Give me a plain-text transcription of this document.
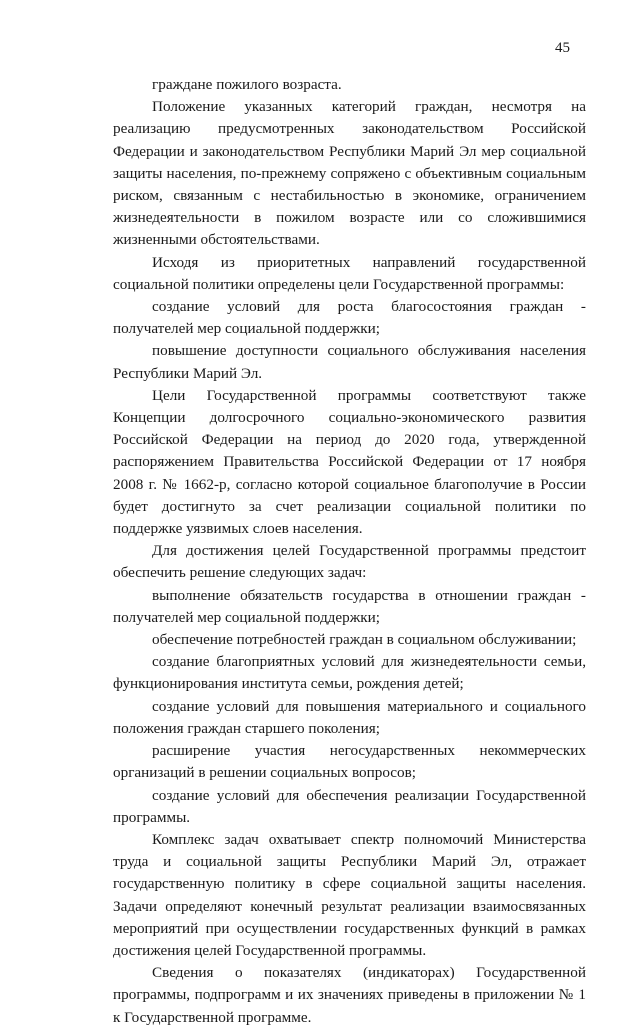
45

граждане пожилого возраста.

Положение указанных категорий граждан, несмотря на реализацию предусмотренных законодательством Российской Федерации и законодательством Республики Марий Эл мер социальной защиты населения, по-прежнему сопряжено с объективным социальным риском, связанным с нестабильностью в экономике, ограничением жизнедеятельности в пожилом возрасте или со сложившимися жизненными обстоятельствами.

Исходя из приоритетных направлений государственной социальной политики определены цели Государственной программы:

создание условий для роста благосостояния граждан - получателей мер социальной поддержки;

повышение доступности социального обслуживания населения Республики Марий Эл.

Цели Государственной программы соответствуют также Концепции долгосрочного социально-экономического развития Российской Федерации на период до 2020 года, утвержденной распоряжением Правительства Российской Федерации от 17 ноября 2008 г. № 1662-р, согласно которой социальное благополучие в России будет достигнуто за счет реализации социальной политики по поддержке уязвимых слоев населения.

Для достижения целей Государственной программы предстоит обеспечить решение следующих задач:

выполнение обязательств государства в отношении граждан - получателей мер социальной поддержки;

обеспечение потребностей граждан в социальном обслуживании;

создание благоприятных условий для жизнедеятельности семьи, функционирования института семьи, рождения детей;

создание условий для повышения материального и социального положения граждан старшего поколения;

расширение участия негосударственных некоммерческих организаций в решении социальных вопросов;

создание условий для обеспечения реализации Государственной программы.

Комплекс задач охватывает спектр полномочий Министерства труда и социальной защиты Республики Марий Эл, отражает государственную политику в сфере социальной защиты населения. Задачи определяют конечный результат реализации взаимосвязанных мероприятий при осуществлении государственных функций в рамках достижения целей Государственной программы.

Сведения о показателях (индикаторах) Государственной программы, подпрограмм и их значениях приведены в приложении № 1 к Государственной программе.
